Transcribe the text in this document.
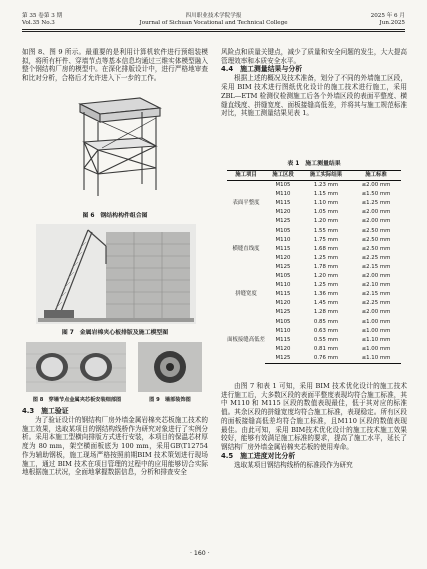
第 35 卷第 3 期
Vol.35 No.3
四川职业技术学院学报
Journal of Sichuan Vocational and Technical College
2025 年 6 月
Jun.2025

如图 8、图 9 所示。最重要的是利用计算机软件进行预组装模拟，将所有杆件、穿墙节点等基本信息均通过三维实体模型融入整个钢结构厂房的模型中。在深化排版设计中，进行严格地审查和比对分析，合格后才允许进入下一步的工作。

图 6　钢结构构件组合图
图 7　金属岩棉夹心板排版及施工模型图
图 8　穿墙节点金属夹芯板安装细部图	图 9　墙部装饰图

4.3　施工验证

为了验证设计的钢结构厂房外墙金属岩棉夹芯板施工技术的施工效果，选取某项目的钢结构线桥作为研究对象进行了实例分析。采用本施工型横向排版方式进行安装，本项目的保温芯材厚度为 80 mm，架空横面板底为 100 mm，采用GB\T12754 作为辅助钢板，施工现场严格按照前期BIM 技术策划进行现场施工，通过 BIM 技术在项目管理的过程中的应用能够切合实际地根据施工状况，全面地掌握数据信息，分析和排查安全

风险点和质量关键点，减少了质量和安全问题的发生，大大提高管理效率和本质安全水平。

4.4　施工测量结果与分析

根据上述的概况及技术准备，划分了不同的外墙施工区段，采用 BIM 技术进行图纸优化设计的施工技术进行施工，采用 ZBL—ETM 检测仪检测施工后各个外墙区段的表面平整度、横缝直线度、拼缝宽度、面板接缝高低差，并将其与施工规范标准对比，其施工测量结果见表 1。

表 1　施工测量结果
施工项目	施工区段	施工实际结果	施工标准
表面平整度	M105	1.23 mm	≤2.00 mm
	M110	1.15 mm	≤1.50 mm
	M115	1.10 mm	≤1.25 mm
	M120	1.05 mm	≤2.00 mm
	M125	1.20 mm	≤2.00 mm
横缝直线度	M105	1.55 mm	≤2.50 mm
	M110	1.75 mm	≤2.50 mm
	M115	1.68 mm	≤2.50 mm
	M120	1.25 mm	≤2.25 mm
	M125	1.78 mm	≤2.15 mm
拼缝宽度	M105	1.20 mm	≤2.00 mm
	M110	1.25 mm	≤2.10 mm
	M115	1.36 mm	≤2.15 mm
	M120	1.45 mm	≤2.25 mm
	M125	1.28 mm	≤2.00 mm
面板接缝高低差	M105	0.85 mm	≤1.00 mm
	M110	0.63 mm	≤1.00 mm
	M115	0.55 mm	≤1.10 mm
	M120	0.81 mm	≤1.00 mm
	M125	0.76 mm	≤1.10 mm

由图 7 和表 1 可知，采用 BIM 技术优化设计的施工技术进行施工后，大多数区段的表面平整度表现均符合施工标准，其中 M110 和 M115 区段的数值表现最佳，低于其对应的标准值。其余区段的拼缝宽度均符合施工标准，表现稳定。所有区段的面板接缝高低差均符合施工标准，且M110 区段的数值表现最佳。由此可知，采用 BIM技术优化设计的施工技术施工效果较好，能够有效满足施工标准的要求，提高了施工水平，延长了钢结构厂房外墙金属岩棉夹芯板的使用寿命。

4.5　施工进度对比分析

选取某项目钢结构线桥的标准段作为研究

· 160 ·
